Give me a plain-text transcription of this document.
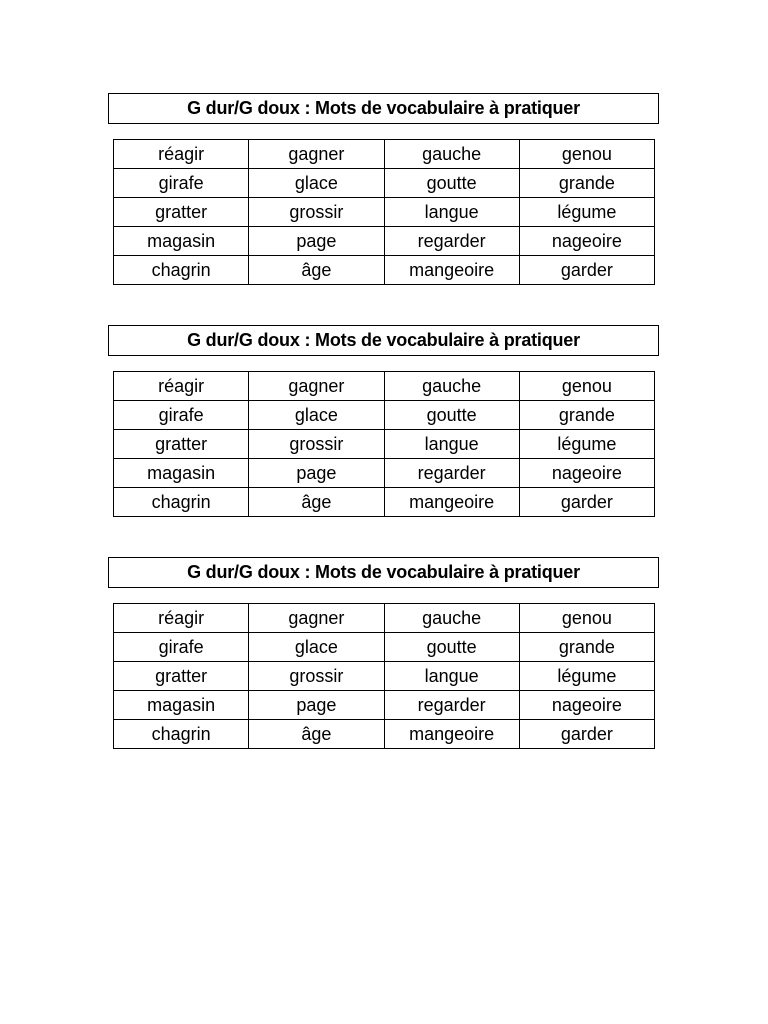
G dur/G doux : Mots de vocabulaire à pratiquer
réagir	gagner	gauche	genou
girafe	glace	goutte	grande
gratter	grossir	langue	légume
magasin	page	regarder	nageoire
chagrin	âge	mangeoire	garder
G dur/G doux : Mots de vocabulaire à pratiquer
réagir	gagner	gauche	genou
girafe	glace	goutte	grande
gratter	grossir	langue	légume
magasin	page	regarder	nageoire
chagrin	âge	mangeoire	garder
G dur/G doux : Mots de vocabulaire à pratiquer
réagir	gagner	gauche	genou
girafe	glace	goutte	grande
gratter	grossir	langue	légume
magasin	page	regarder	nageoire
chagrin	âge	mangeoire	garder
